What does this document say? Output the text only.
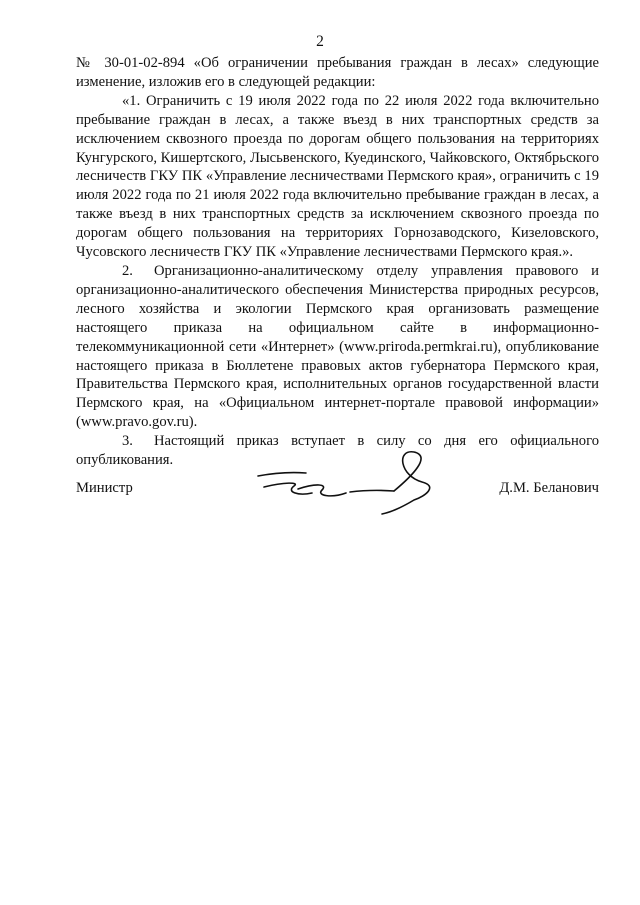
2

№ 30-01-02-894 «Об ограничении пребывания граждан в лесах» следующие изменение, изложив его в следующей редакции:

«1. Ограничить с 19 июля 2022 года по 22 июля 2022 года включительно пребывание граждан в лесах, а также въезд в них транспортных средств за исключением сквозного проезда по дорогам общего пользования на территориях Кунгурского, Кишертского, Лысьвенского, Куединского, Чайковского, Октябрьского лесничеств ГКУ ПК «Управление лесничествами Пермского края», ограничить с 19 июля 2022 года по 21 июля 2022 года включительно пребывание граждан в лесах, а также въезд в них транспортных средств за исключением сквозного проезда по дорогам общего пользования на территориях Горнозаводского, Кизеловского, Чусовского лесничеств ГКУ ПК «Управление лесничествами Пермского края.».

2. Организационно-аналитическому отделу управления правового и организационно-аналитического обеспечения Министерства природных ресурсов, лесного хозяйства и экологии Пермского края организовать размещение настоящего приказа на официальном сайте в информационно-телекоммуникационной сети «Интернет» (www.priroda.permkrai.ru), опубликование настоящего приказа в Бюллетене правовых актов губернатора Пермского края, Правительства Пермского края, исполнительных органов государственной власти Пермского края, на «Официальном интернет-портале правовой информации» (www.pravo.gov.ru).

3. Настоящий приказ вступает в силу со дня его официального опубликования.

Министр	Д.М. Беланович
